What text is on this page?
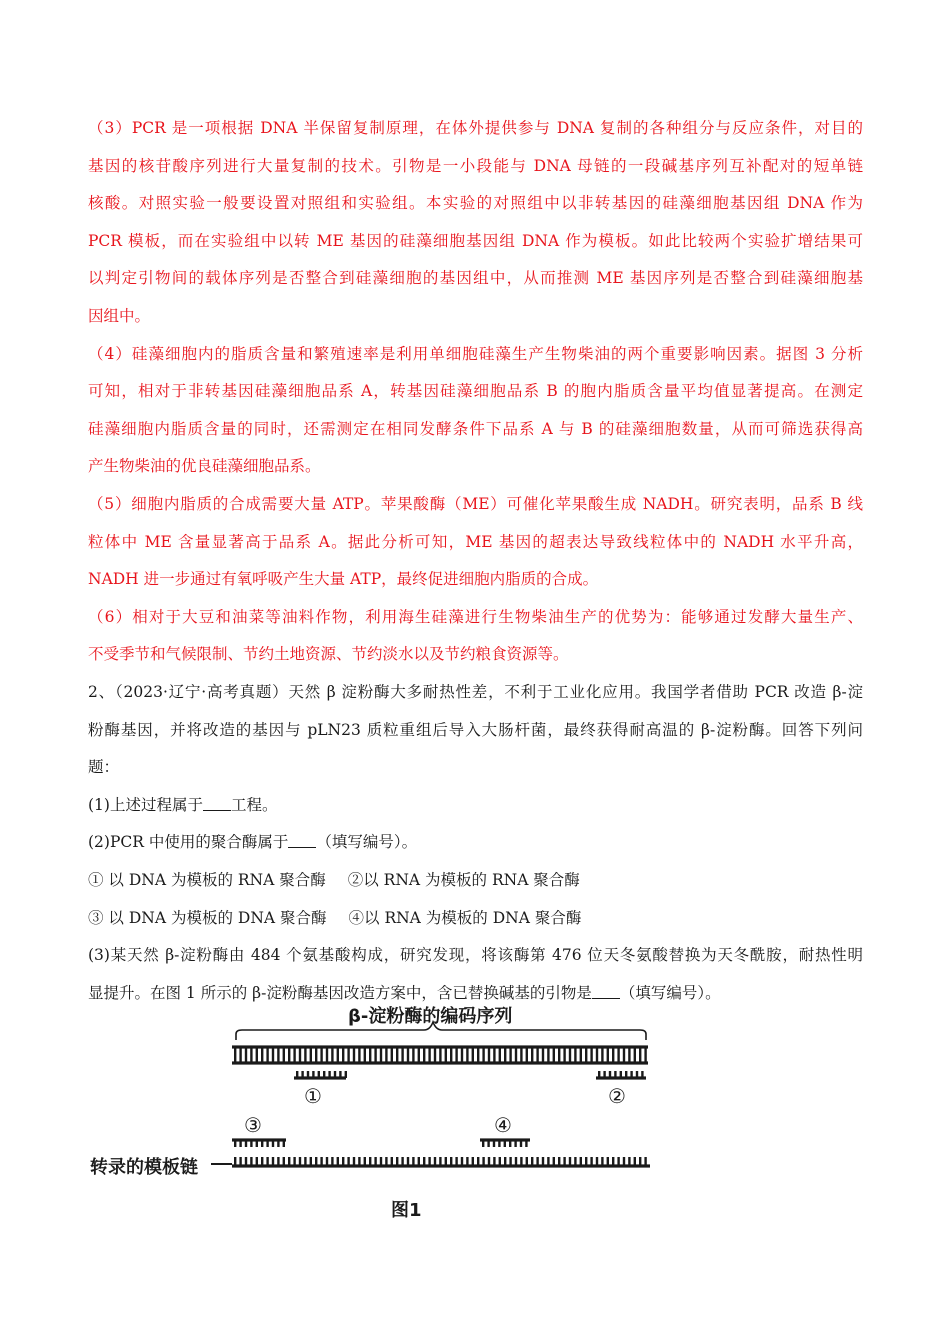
（3）PCR 是一项根据 DNA 半保留复制原理，在体外提供参与 DNA 复制的各种组分与反应条件，对目的
基因的核苷酸序列进行大量复制的技术。引物是一小段能与 DNA 母链的一段碱基序列互补配对的短单链
核酸。对照实验一般要设置对照组和实验组。本实验的对照组中以非转基因的硅藻细胞基因组 DNA 作为
PCR 模板，而在实验组中以转 ME 基因的硅藻细胞基因组 DNA 作为模板。如此比较两个实验扩增结果可
以判定引物间的载体序列是否整合到硅藻细胞的基因组中，从而推测 ME 基因序列是否整合到硅藻细胞基
因组中。
（4）硅藻细胞内的脂质含量和繁殖速率是利用单细胞硅藻生产生物柴油的两个重要影响因素。据图 3 分析
可知，相对于非转基因硅藻细胞品系 A，转基因硅藻细胞品系 B 的胞内脂质含量平均值显著提高。在测定
硅藻细胞内脂质含量的同时，还需测定在相同发酵条件下品系 A 与 B 的硅藻细胞数量，从而可筛选获得高
产生物柴油的优良硅藻细胞品系。
（5）细胞内脂质的合成需要大量 ATP。苹果酸酶（ME）可催化苹果酸生成 NADH。研究表明，品系 B 线
粒体中 ME 含量显著高于品系 A。据此分析可知，ME 基因的超表达导致线粒体中的 NADH 水平升高，
NADH 进一步通过有氧呼吸产生大量 ATP，最终促进细胞内脂质的合成。
（6）相对于大豆和油菜等油料作物，利用海生硅藻进行生物柴油生产的优势为：能够通过发酵大量生产、
不受季节和气候限制、节约土地资源、节约淡水以及节约粮食资源等。
2、（2023·辽宁·高考真题）天然 β 淀粉酶大多耐热性差，不利于工业化应用。我国学者借助 PCR 改造 β-淀
粉酶基因，并将改造的基因与 pLN23 质粒重组后导入大肠杆菌，最终获得耐高温的 β-淀粉酶。回答下列问
题：
(1)上述过程属于 工程。
(2)PCR 中使用的聚合酶属于 （填写编号）。
① 以 DNA 为模板的 RNA 聚合酶 ②以 RNA 为模板的 RNA 聚合酶
③ 以 DNA 为模板的 DNA 聚合酶 ④以 RNA 为模板的 DNA 聚合酶
(3)某天然 β-淀粉酶由 484 个氨基酸构成，研究发现，将该酶第 476 位天冬氨酸替换为天冬酰胺，耐热性明
显提升。在图 1 所示的 β-淀粉酶基因改造方案中，含已替换碱基的引物是 （填写编号）。
β-淀粉酶的编码序列
①	②
③	④
转录的模板链
图1
